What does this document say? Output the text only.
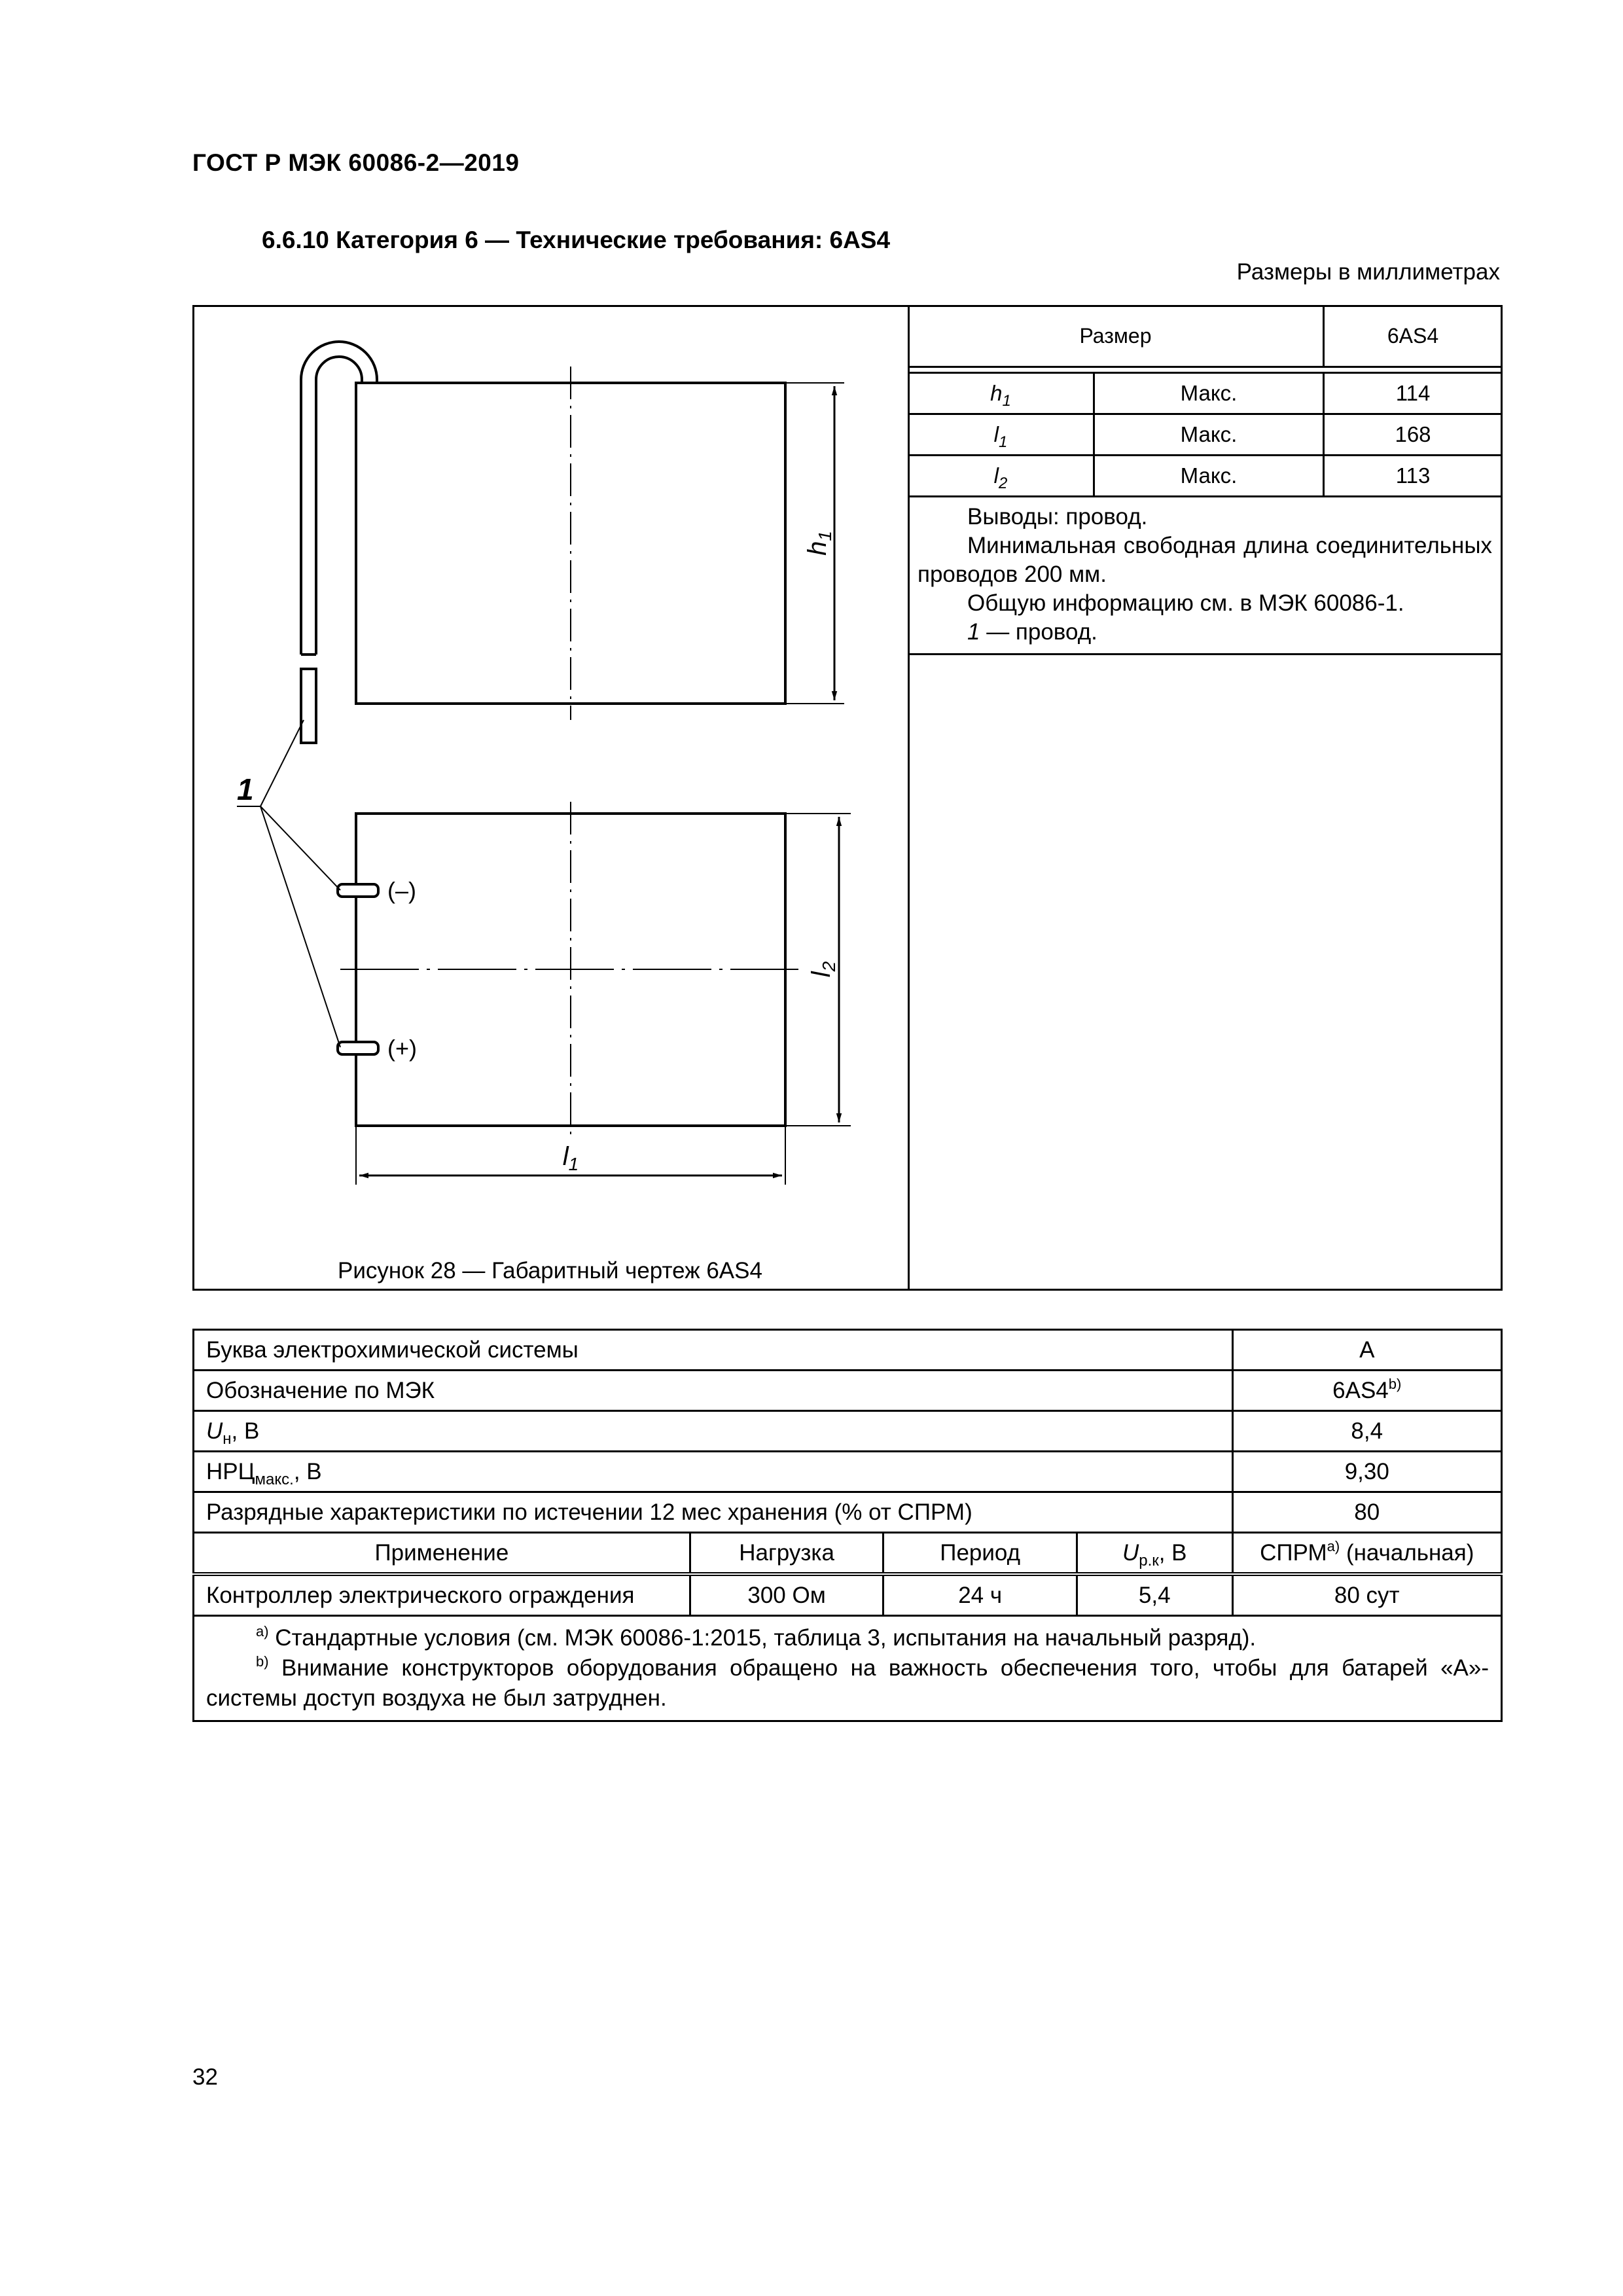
ГОСТ Р МЭК 60086-2—2019
6.6.10 Категория 6 — Технические требования: 6AS4
Размеры в миллиметрах
$h_1$
(–)
(+)
$l_2$
$l_1$
1
Рисунок 28 — Габаритный чертеж 6AS4
Размер		6AS4

$h_1$	Макс.	114
$l_1$	Макс.	168
$l_2$	Макс.	113

Выводы: провод.

Минимальная свободная длина соединительных проводов 200 мм.

Общую информацию см. в МЭК 60086-1.

1 — провод.		

Буква электрохимической системы				A
Обозначение по МЭК				6AS4$^{b)}$
$U_н$, В				8,4
$НРЦ_{макс.}$, В				9,30
Разрядные характеристики по истечении 12 мес хранения (% от СПРМ)				80
Применение	Нагрузка	Период	$U_{р.к}$, В	СПРМ$^{a)}$ (начальная)
Контроллер электрического ограждения	300 Ом	24 ч	5,4	80 сут

$^{a)}$ Стандартные условия (см. МЭК 60086-1:2015, таблица 3, испытания на начальный разряд).

$^{b)}$ Внимание конструкторов оборудования обращено на важность обеспечения того, чтобы для батарей «A»-системы доступ воздуха не был затруднен.				

32
